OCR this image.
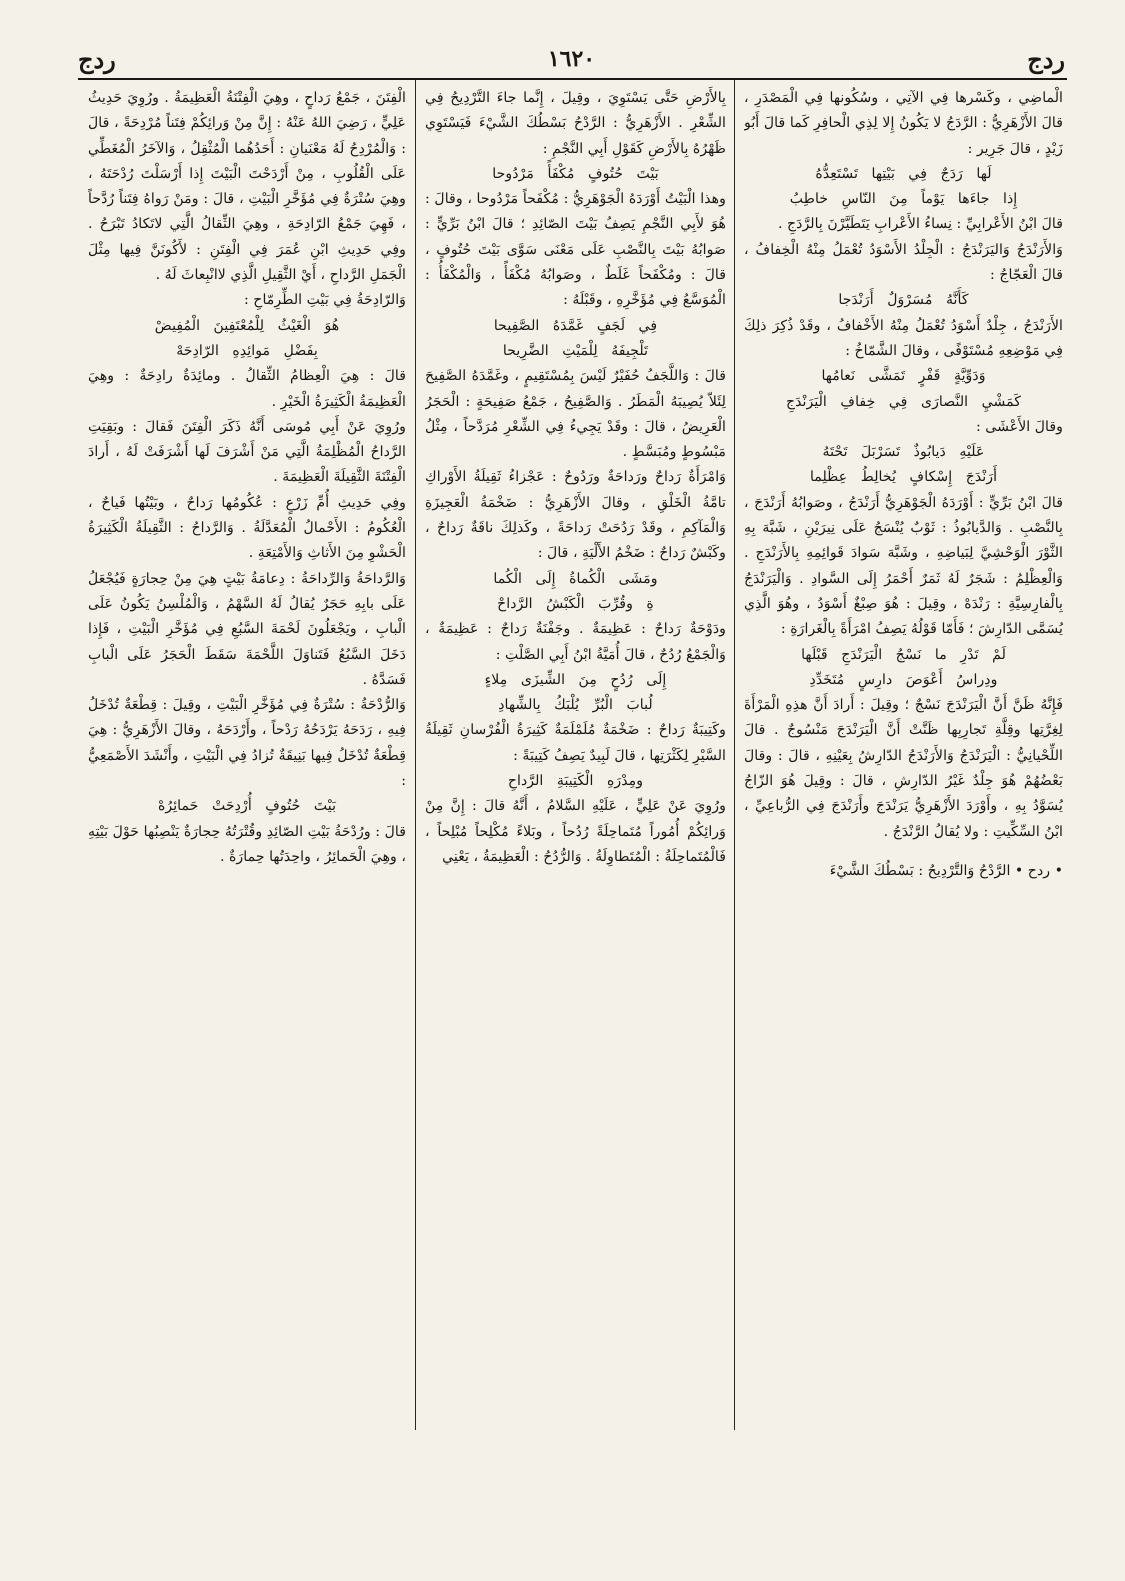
ردج	١٦٢٠	ردج

الْماضِي ، وكَسْرها فِي الآتِي ، وسُكُونها فِي الْمَصْدَرِ ، قالَ الأَزْهَرِيُّ : الرَّدَجُ لا يَكُونُ إِلا لِذِي الْحافِرِ كَما قالَ أَبُو زَيْدٍ ، قالَ جَرِير :

لَها رَدَجٌ فِي بَيْتِها تَسْتَعِدُّهُ

إِذا جاءَها يَوْماً مِنَ النّاسِ خاطِبُ

قالَ ابْنُ الأَعْرابِيِّ : نِساءُ الأَعْرابِ يَتَطَيَّرْنَ بِالرَّدَجِ .

وَالأَرَنْدَجُ وَاليَرَنْدَجُ : الْجِلْدُ الأَسْوَدُ تُعْمَلُ مِنْهُ الْخِفافُ ، قالَ الْعَجّاجُ :

كَأَنَّهُ مُسَرْوَلٌ أَرَنْدَجا

الأَرَنْدَجُ ، جِلْدٌ أَسْوَدُ تُعْمَلُ مِنْهُ الأَخْفافُ ، وقَدْ ذُكِرَ ذلِكَ فِي مَوْضِعِهِ مُسْتَوْفًى ، وقالَ الشَّمّاخُ :

وَدَوِّيَّةٍ قَفْرٍ تَمَشَّى نَعامُها

كَمَشْيِ النَّصارَى فِي خِفافِ الْيَرَنْدَجِ

وقالَ الأَعْشَى :

عَلَيْهِ دَيابُوذٌ تَسَرْبَلَ تَحْتَهُ

أَرَنْدَجَ إِسْكافٍ يُخالِطُ عِظْلِما

قالَ ابْنُ بَرِّيٍّ : أَوْرَدَهُ الْجَوْهَرِيُّ أَرَنْدَجُ ، وصَوابُهُ أَرَنْدَجَ ، بِالنَّصْبِ . وَالدَّيابُوذُ : ثَوْبٌ يُنْسَجُ عَلَى نِيرَيْنِ ، شَبَّهَ بِهِ الثَّوْرَ الْوَحْشِيَّ لِبَياضِهِ ، وشَبَّهَ سَوادَ قَوائِمِهِ بِالأَرَنْدَجِ . وَالْعِظْلِمُ : شَجَرٌ لَهُ ثَمَرٌ أَحْمَرُ إِلَى السَّوادِ . وَالْيَرَنْدَجُ بِالْفارِسِيَّةِ : رَنْدَهْ ، وقِيلَ : هُوَ صِبْغٌ أَسْوَدُ ، وهُوَ الَّذِي يُسَمَّى الدّارِشَ ؛ فَأَمّا قَوْلُهُ يَصِفُ امْرَأَةً بِالْغَرارَةِ :

لَمْ تَدْرِ ما نَسْجُ الْيَرَنْدَجِ قَبْلَها

ودِراسُ أَعْوَصَ دارِسٍ مُتَخَدِّدِ

فَإِنَّهُ ظَنَّ أَنَّ الْيَرَنْدَجَ نَسْجٌ ؛ وقِيلَ : أَرادَ أَنَّ هذِهِ الْمَرْأَةَ لِغِرَّتِها وقِلَّةِ تَجارِبِها ظَنَّتْ أَنَّ الْيَرَنْدَجَ مَنْسُوجٌ . قالَ اللِّحْيانِيُّ : الْيَرَنْدَجُ وَالأَرَنْدَجُ الدّارِشُ بِعَيْنِهِ ، قالَ : وقالَ بَعْضُهُمْ هُوَ جِلْدٌ غَيْرُ الدّارِشِ ، قالَ : وقِيلَ هُوَ الزّاجُ يُسَوَّدُ بِهِ ، وأَوْرَدَ الأَزْهَرِيُّ يَرَنْدَجَ وأَرَنْدَجَ فِي الرُّباعِيِّ ، ابْنُ السِّكِّيتِ : ولا يُقالُ الرَّنْدَجُ .

• ردح • الرَّدْحُ وَالتَّرْدِيحُ : بَسْطُكَ الشَّيْءَ

بِالأَرْضِ حَتَّى يَسْتَوِيَ ، وقِيلَ ، إِنَّما جاءَ التَّرْدِيحُ فِي الشِّعْرِ . الأَزْهَرِيُّ : الرَّدْحُ بَسْطُكَ الشَّيْءَ فَيَسْتَوِي ظَهْرُهُ بِالأَرْضِ كَقَوْلِ أَبِي النَّجْمِ :

بَيْتَ حُتُوفٍ مُكْفَأً مَرْدُوحا

وهذا الْبَيْتُ أَوْرَدَهُ الْجَوْهَرِيُّ : مُكْفَحاً مَرْدُوحا ، وقالَ : هُوَ لأَبِي النَّجْمِ يَصِفُ بَيْتَ الصّائِدِ ؛ قالَ ابْنُ بَرِّيٍّ : صَوابُهُ بَيْتَ بِالنَّصْبِ عَلَى مَعْنَى سَوَّى بَيْتَ حُتُوفٍ ، قالَ : ومُكْفَحاً غَلَطٌ ، وصَوابُهُ مُكْفَأً ، وَالْمُكْفَأُ : الْمُوَسَّعُ فِي مُؤَخَّرِهِ ، وقَبْلَهُ :

فِي لَجَفٍ غَمَّدَهُ الصَّفِيحا

تَلْجِيفَهُ لِلْمَيْتِ الضَّرِيحا

قالَ : وَاللَّجَفُ حُفَيْرٌ لَيْسَ بِمُسْتَقِيمٍ ، وغَمَّدَهُ الصَّفِيحَ لِئَلاّ يُصِيبَهُ الْمَطَرُ . وَالصَّفِيحُ ، جَمْعُ صَفِيحَةٍ : الْحَجَرُ الْعَرِيضُ ، قالَ : وقَدْ يَجِيءُ فِي الشِّعْرِ مُرَدَّحاً ، مِثْلُ مَبْسُوطٍ ومُبَسَّطٍ .

وَامْرَأَةٌ رَداحٌ ورَداحَةٌ ورَدُوحٌ : عَجْزاءُ ثَقِيلَةُ الأَوْراكِ تامَّةُ الْخَلْقِ ، وقالَ الأَزْهَرِيُّ : ضَخْمَةُ الْعَجِيزَةِ وَالْمَآكِمِ ، وقَدْ رَدُحَتْ رَداحَةً ، وكَذلِكَ ناقَةٌ رَداحٌ ، وكَبْشٌ رَداحٌ : ضَخْمُ الأَلْيَةِ ، قالَ :

ومَشَى الْكُماةُ إِلَى الْكُما

ةِ وقُرِّبَ الْكَبْشُ الرَّداحْ

ودَوْحَةٌ رَداحٌ : عَظِيمَةٌ . وجَفْنَةٌ رَداحٌ : عَظِيمَةٌ ، وَالْجَمْعُ رُدُحٌ ، قالَ أُمَيَّةُ ابْنُ أَبِي الصَّلْتِ :

إِلَى رُدُحٍ مِنَ الشِّيزَى مِلاءٍ

لُبابَ الْبُرِّ يُلْبَكُ بِالشِّهادِ

وكَتِيبَةٌ رَداحٌ : ضَخْمَةٌ مُلَمْلَمَةٌ كَثِيرَةُ الْفُرْسانِ ثَقِيلَةُ السَّيْرِ لِكَثْرَتِها ، قالَ لَبِيدٌ يَصِفُ كَتِيبَةً :

ومِدْرَهِ الْكَتِيبَةِ الرَّداحِ

ورُوِيَ عَنْ عَلِيٍّ ، عَلَيْهِ السَّلامُ ، أَنَّهُ قالَ : إِنَّ مِنْ وَرائِكُمْ أُمُوراً مُتَماحِلَةً رُدُحاً ، وبَلاءً مُكْلِحاً مُبْلِحاً ، فَالْمُتَماحِلَةُ : الْمُتَطاوِلَةُ . وَالرُّدُحُ : الْعَظِيمَةُ ، يَعْنِي

الْفِتَنَ ، جَمْعُ رَداحٍ ، وهِيَ الْفِتْنَةُ الْعَظِيمَةُ . ورُوِيَ حَدِيثُ عَلِيٍّ ، رَضِيَ اللهُ عَنْهُ : إِنَّ مِنْ وَرائِكُمْ فِتَناً مُرْدِحَةً ، قالَ : وَالْمُرْدِحُ لَهُ مَعْنَيانِ : أَحَدُهُما الْمُثْقِلُ ، وَالآخَرُ الْمُغَطِّي عَلَى الْقُلُوبِ ، مِنْ أَرْدَحْتَ الْبَيْتَ إِذا أَرْسَلْتَ رُدْحَتَهُ ، وهِيَ سُتْرَةٌ فِي مُؤَخَّرِ الْبَيْتِ ، قالَ : ومَنْ رَواهُ فِتَناً رُدَّحاً ، فَهِيَ جَمْعُ الرّادِحَةِ ، وهِيَ الثِّقالُ الَّتِي لاتَكادُ تَبْرَحُ . وفِي حَدِيثِ ابْنِ عُمَرَ فِي الْفِتَنِ : لأَكُونَنَّ فِيها مِثْلَ الْجَمَلِ الرَّداحِ ، أَيْ الثَّقِيلِ الَّذِي لاانْبِعاثَ لَهُ .

وَالرّادِحَةُ فِي بَيْتِ الطِّرِمّاحِ :

هُوَ الْغَيْثُ لِلْمُعْتَفِينَ الْمُفِيضْ

بِفَضْلِ مَوائِدِهِ الرّادِحَهْ

قالَ : هِيَ الْعِظامُ الثِّقالُ . ومائِدَةٌ رادِحَةٌ : وهِيَ الْعَظِيمَةُ الْكَثِيرَةُ الْخَيْرِ .

ورُوِيَ عَنْ أَبِي مُوسَى أَنَّهُ ذَكَرَ الْفِتَنَ فَقالَ : وبَقِيَتِ الرَّداحُ الْمُظْلِمَةُ الَّتِي مَنْ أَشْرَفَ لَها أَشْرَفَتْ لَهُ ، أَرادَ الْفِتْنَةَ الثَّقِيلَةَ الْعَظِيمَةَ .

وفِي حَدِيثِ أُمِّ زَرْعٍ : عُكُومُها رَداحٌ ، وبَيْتُها فَياحٌ ، الْعُكُومُ : الأَحْمالُ الْمُعَدَّلَةُ . وَالرَّداحُ : الثَّقِيلَةُ الْكَثِيرَةُ الْحَشْوِ مِنَ الأَثاثِ وَالأَمْتِعَةِ .

وَالرَّداحَةُ وَالرِّداحَةُ : دِعامَةُ بَيْتٍ هِيَ مِنْ حِجارَةٍ فَيُجْعَلُ عَلَى بابِهِ حَجَرٌ يُقالُ لَهُ السَّهْمُ ، وَالْمُلْسِنُ يَكُونُ عَلَى الْبابِ ، ويَجْعَلُونَ لَحْمَةَ السَّبُعِ فِي مُؤَخَّرِ الْبَيْتِ ، فَإِذا دَخَلَ السَّبُعُ فَتَناوَلَ اللَّحْمَةَ سَقَطَ الْحَجَرُ عَلَى الْبابِ فَسَدَّهُ .

وَالرُّدْحَةُ : سُتْرَةٌ فِي مُؤَخَّرِ الْبَيْتِ ، وقِيلَ : قِطْعَةٌ تُدْخَلُ فِيهِ ، رَدَحَهُ يَرْدَحُهُ رَدْحاً ، وأَرْدَحَهُ ، وقالَ الأَزْهَرِيُّ : هِيَ قِطْعَةٌ تُدْخَلُ فِيها بَنِيقَةٌ تُزادُ فِي الْبَيْتِ ، وأَنْشَدَ الأَصْمَعِيُّ :

بَيْتَ حُتُوفٍ أُرْدِحَتْ حَمائِرُهْ

قالَ : ورُدْحَةُ بَيْتِ الصّائِدِ وقُتْرَتُهُ حِجارَةٌ يَنْصِبُها حَوْلَ بَيْتِهِ ، وهِيَ الْحَمائِرُ ، واحِدَتُها حِمارَةٌ .
